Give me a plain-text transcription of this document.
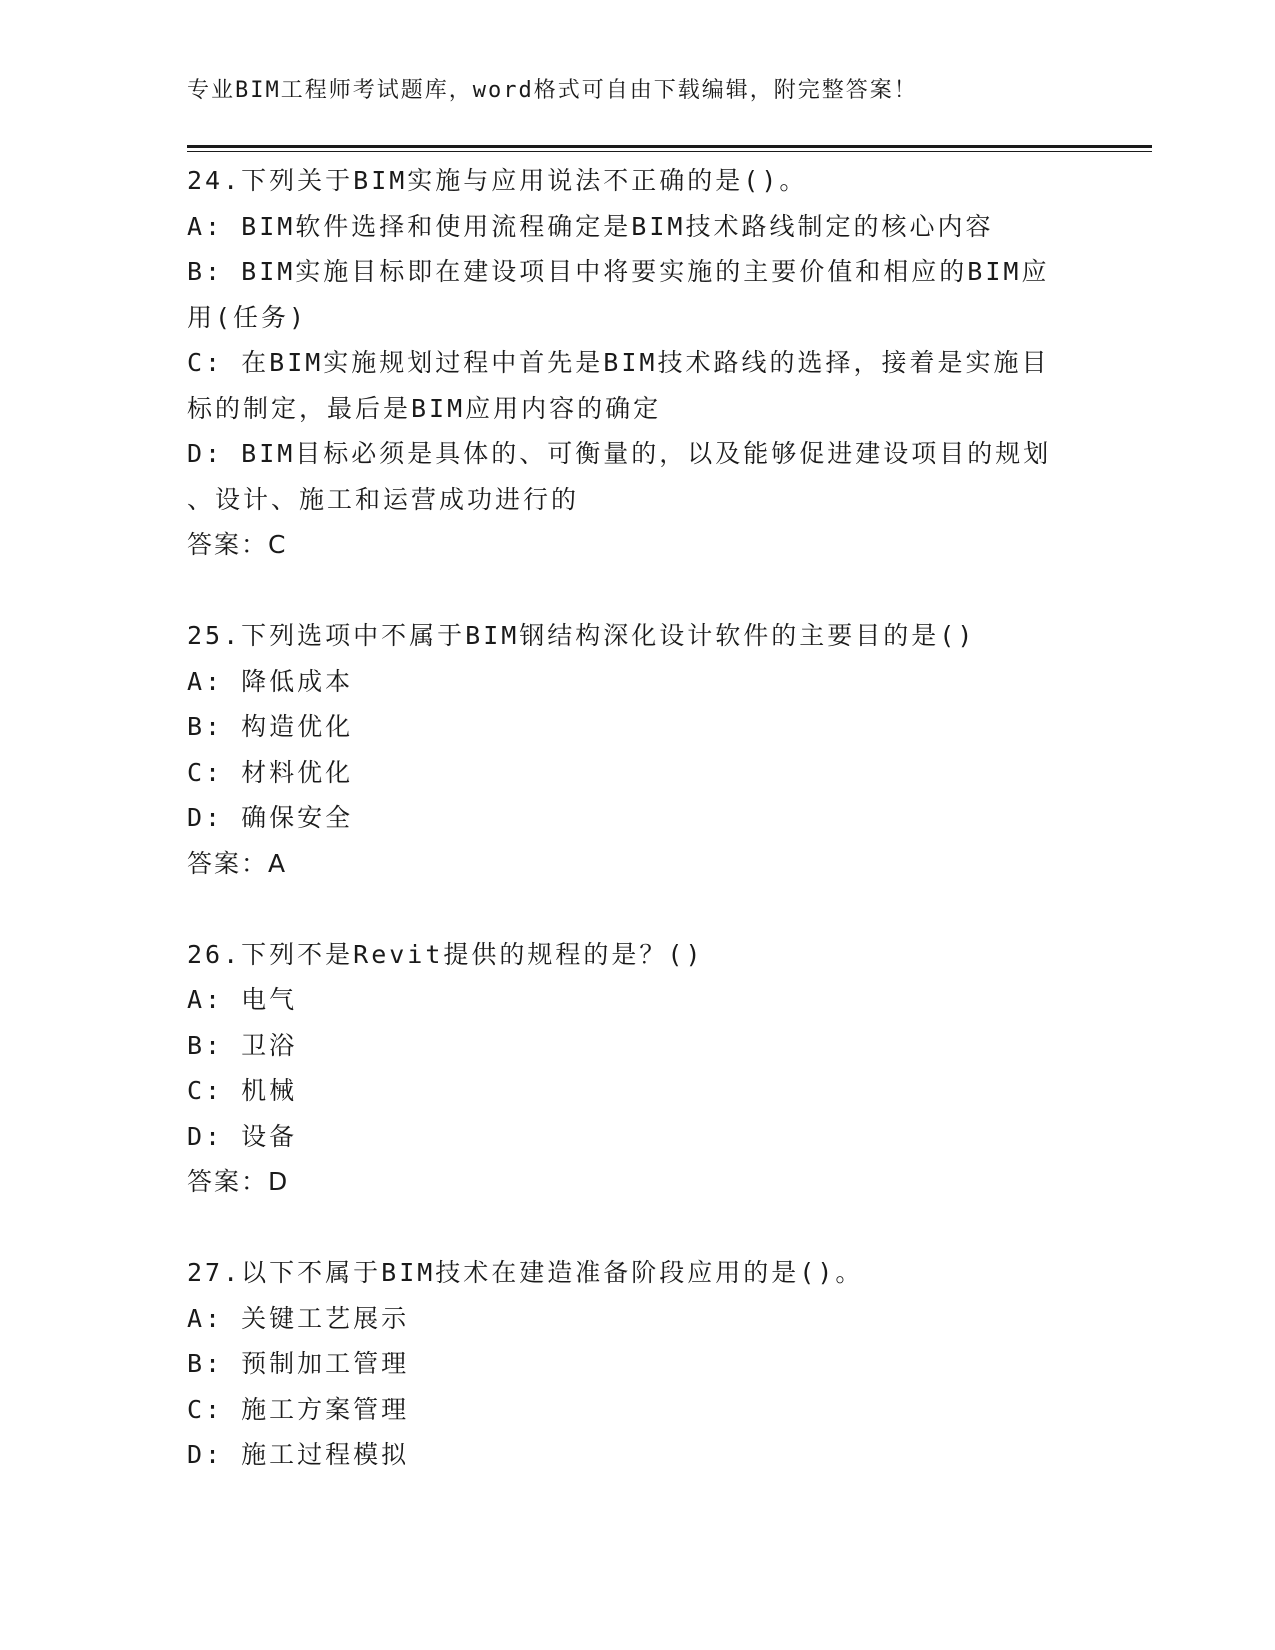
专业BIM工程师考试题库，word格式可自由下载编辑，附完整答案！
24.下列关于BIM实施与应用说法不正确的是()。
A: BIM软件选择和使用流程确定是BIM技术路线制定的核心内容
B: BIM实施目标即在建设项目中将要实施的主要价值和相应的BIM应
用(任务)
C: 在BIM实施规划过程中首先是BIM技术路线的选择，接着是实施目
标的制定，最后是BIM应用内容的确定
D: BIM目标必须是具体的、可衡量的，以及能够促进建设项目的规划
、设计、施工和运营成功进行的
答案：C
25.下列选项中不属于BIM钢结构深化设计软件的主要目的是()
A: 降低成本
B: 构造优化
C: 材料优化
D: 确保安全
答案：A
26.下列不是Revit提供的规程的是？()
A: 电气
B: 卫浴
C: 机械
D: 设备
答案：D
27.以下不属于BIM技术在建造准备阶段应用的是()。
A: 关键工艺展示
B: 预制加工管理
C: 施工方案管理
D: 施工过程模拟
